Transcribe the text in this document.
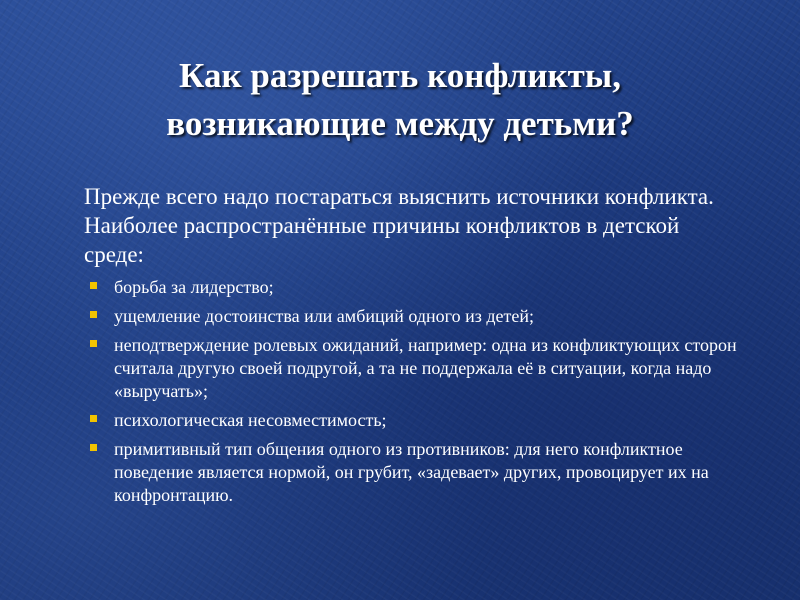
Как разрешать конфликты,
возникающие между детьми?

Прежде всего надо постараться выяснить источники конфликта. Наиболее распространённые причины конфликтов в детской среде:

борьба за лидерство;
ущемление достоинства или амбиций одного из детей;
неподтверждение ролевых ожиданий, например: одна из конфликтующих сторон считала другую своей подругой, а та не поддержала её в ситуации, когда надо «выручать»;
психологическая несовместимость;
примитивный тип общения одного из противников: для него конфликтное поведение является нормой, он грубит, «задевает» других, провоцирует их на конфронтацию.
